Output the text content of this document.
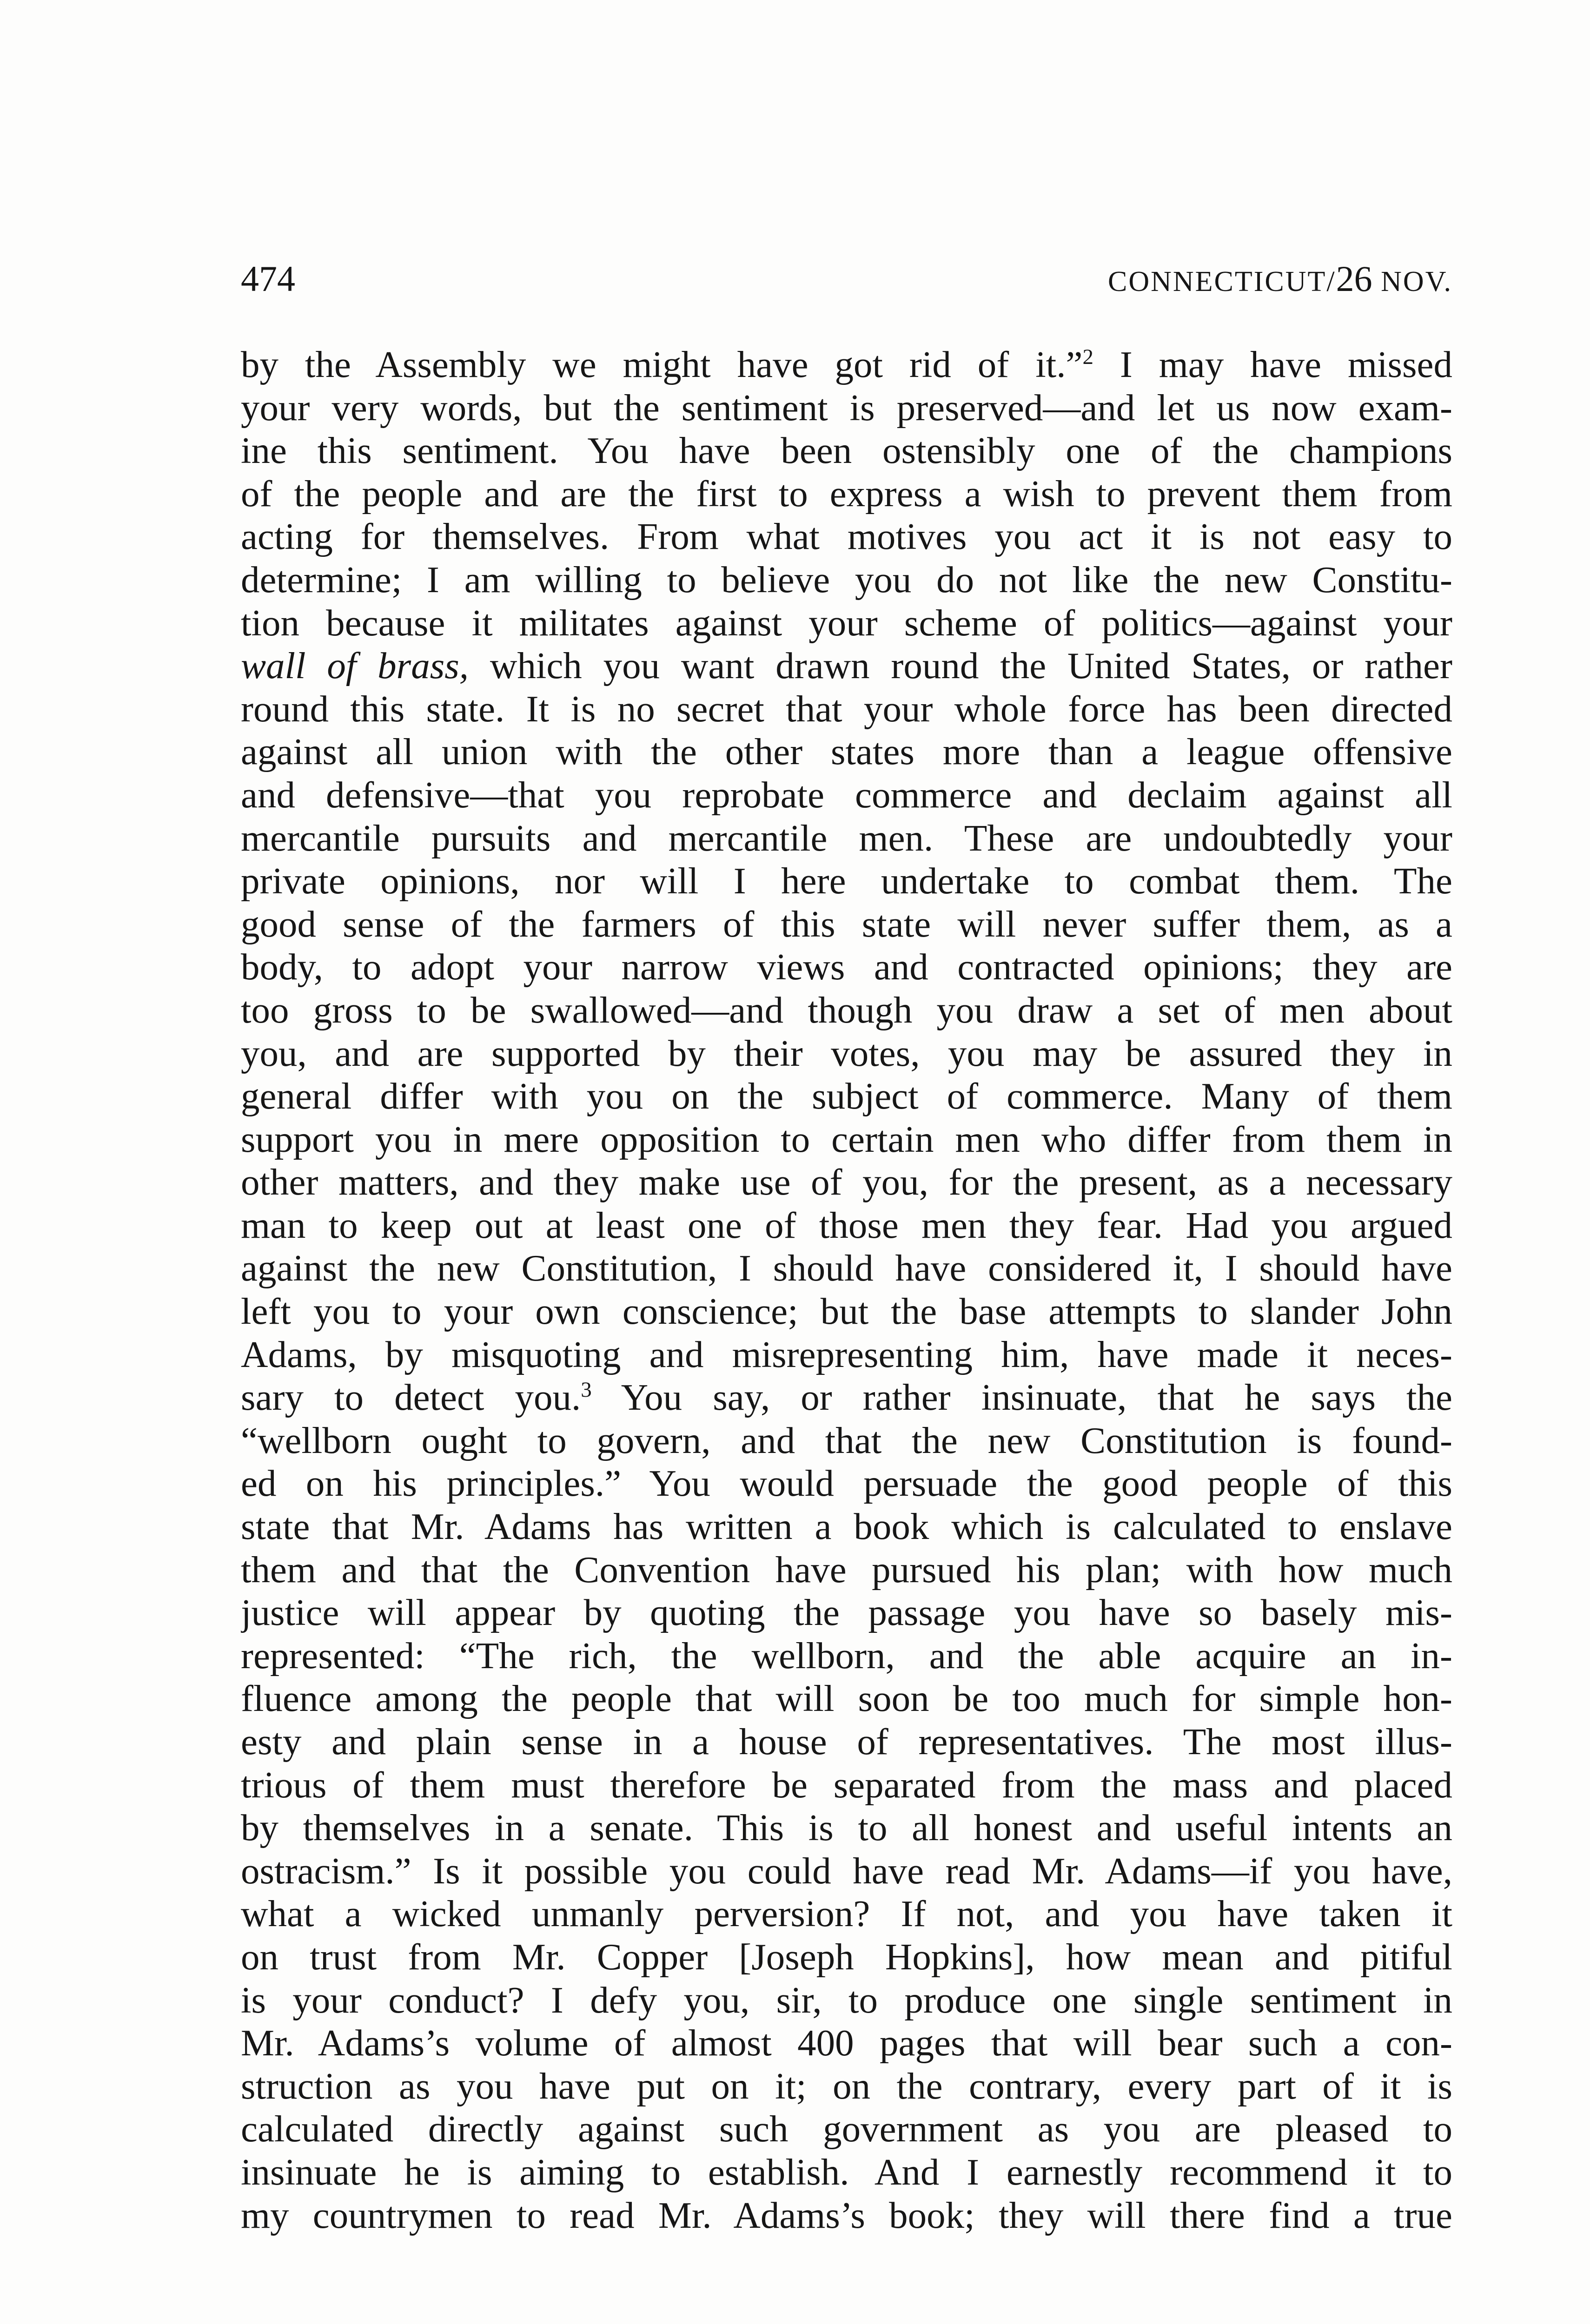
474	CONNECTICUT/26 NOV.
by the Assembly we might have got rid of it.”$^2$ I may have missed
your very words, but the sentiment is preserved—and let us now exam-
ine this sentiment. You have been ostensibly one of the champions
of the people and are the first to express a wish to prevent them from
acting for themselves. From what motives you act it is not easy to
determine; I am willing to believe you do not like the new Constitu-
tion because it militates against your scheme of politics—against your
wall of brass, which you want drawn round the United States, or rather
round this state. It is no secret that your whole force has been directed
against all union with the other states more than a league offensive
and defensive—that you reprobate commerce and declaim against all
mercantile pursuits and mercantile men. These are undoubtedly your
private opinions, nor will I here undertake to combat them. The
good sense of the farmers of this state will never suffer them, as a
body, to adopt your narrow views and contracted opinions; they are
too gross to be swallowed—and though you draw a set of men about
you, and are supported by their votes, you may be assured they in
general differ with you on the subject of commerce. Many of them
support you in mere opposition to certain men who differ from them in
other matters, and they make use of you, for the present, as a necessary
man to keep out at least one of those men they fear. Had you argued
against the new Constitution, I should have considered it, I should have
left you to your own conscience; but the base attempts to slander John
Adams, by misquoting and misrepresenting him, have made it neces-
sary to detect you.$^3$ You say, or rather insinuate, that he says the
“wellborn ought to govern, and that the new Constitution is found-
ed on his principles.” You would persuade the good people of this
state that Mr. Adams has written a book which is calculated to enslave
them and that the Convention have pursued his plan; with how much
justice will appear by quoting the passage you have so basely mis-
represented: “The rich, the wellborn, and the able acquire an in-
fluence among the people that will soon be too much for simple hon-
esty and plain sense in a house of representatives. The most illus-
trious of them must therefore be separated from the mass and placed
by themselves in a senate. This is to all honest and useful intents an
ostracism.” Is it possible you could have read Mr. Adams—if you have,
what a wicked unmanly perversion? If not, and you have taken it
on trust from Mr. Copper [Joseph Hopkins], how mean and pitiful
is your conduct? I defy you, sir, to produce one single sentiment in
Mr. Adams’s volume of almost 400 pages that will bear such a con-
struction as you have put on it; on the contrary, every part of it is
calculated directly against such government as you are pleased to
insinuate he is aiming to establish. And I earnestly recommend it to
my countrymen to read Mr. Adams’s book; they will there find a true
